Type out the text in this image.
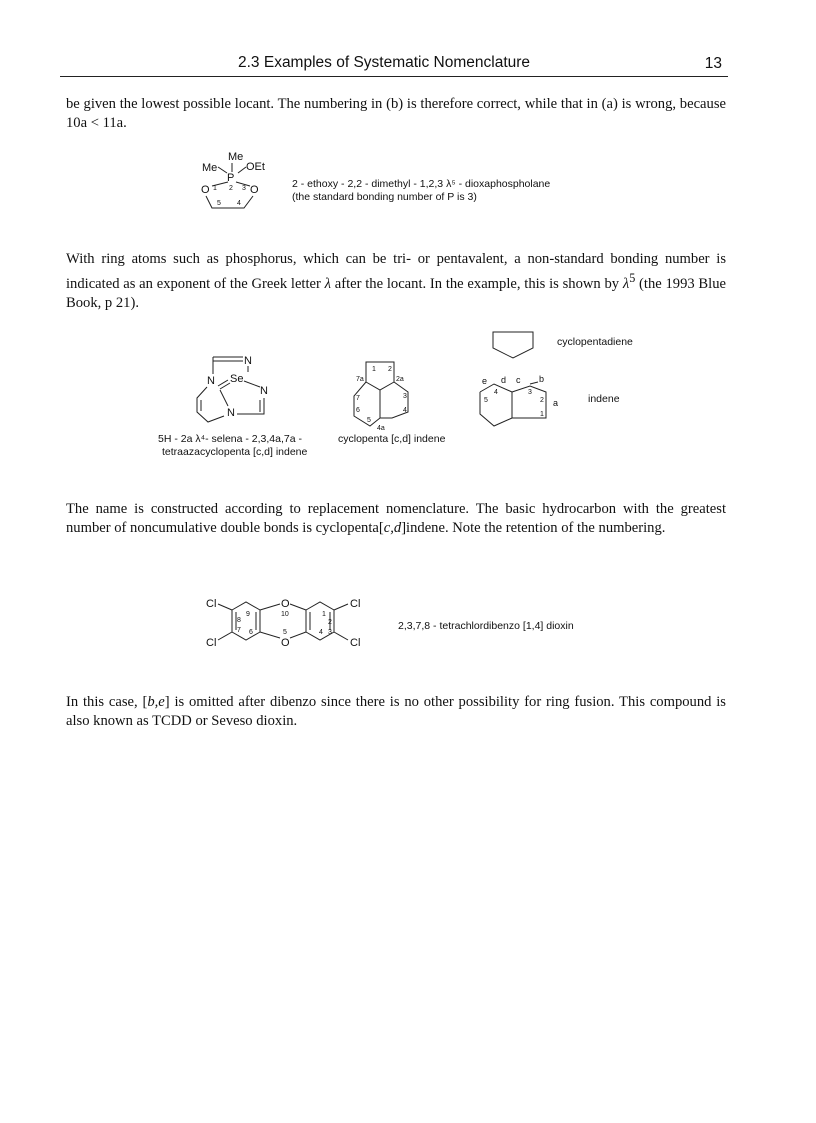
2.3 Examples of Systematic Nomenclature	13

be given the lowest possible locant. The numbering in (b) is therefore correct, while that in (a) is wrong, because 10a < 11a.

Me
Me	OEt
P
O	O
1 2 3
4
5
2 - ethoxy - 2,2 - dimethyl - 1,2,3 λ⁵ - dioxaphospholane
(the standard bonding number of P is 3)

With ring atoms such as phosphorus, which can be tri- or pentavalent, a non-standard bonding number is indicated as an exponent of the Greek letter λ after the locant. In the example, this is shown by $\lambda^5$ (the 1993 Blue Book, p 21).

N
N Se
N
N
5H - 2a λ⁴- selena - 2,3,4a,7a -
tetraazacyclopenta [c,d] indene
1 2
2a
3
4
4a
5
6
7
7a
cyclopenta [c,d] indene
cyclopentadiene
e d c b
a
5
4	3
2
1
indene

The name is constructed according to replacement nomenclature. The basic hydrocarbon with the greatest number of noncumulative double bonds is cyclopenta[c,d]indene. Note the retention of the numbering.

Cl
Cl
Cl
Cl
O
O
8
9	10	1
2
3
4
5
6
7	2,3,7,8 - tetrachlordibenzo [1,4] dioxin

In this case, [b,e] is omitted after dibenzo since there is no other possibility for ring fusion. This compound is also known as TCDD or Seveso dioxin.
